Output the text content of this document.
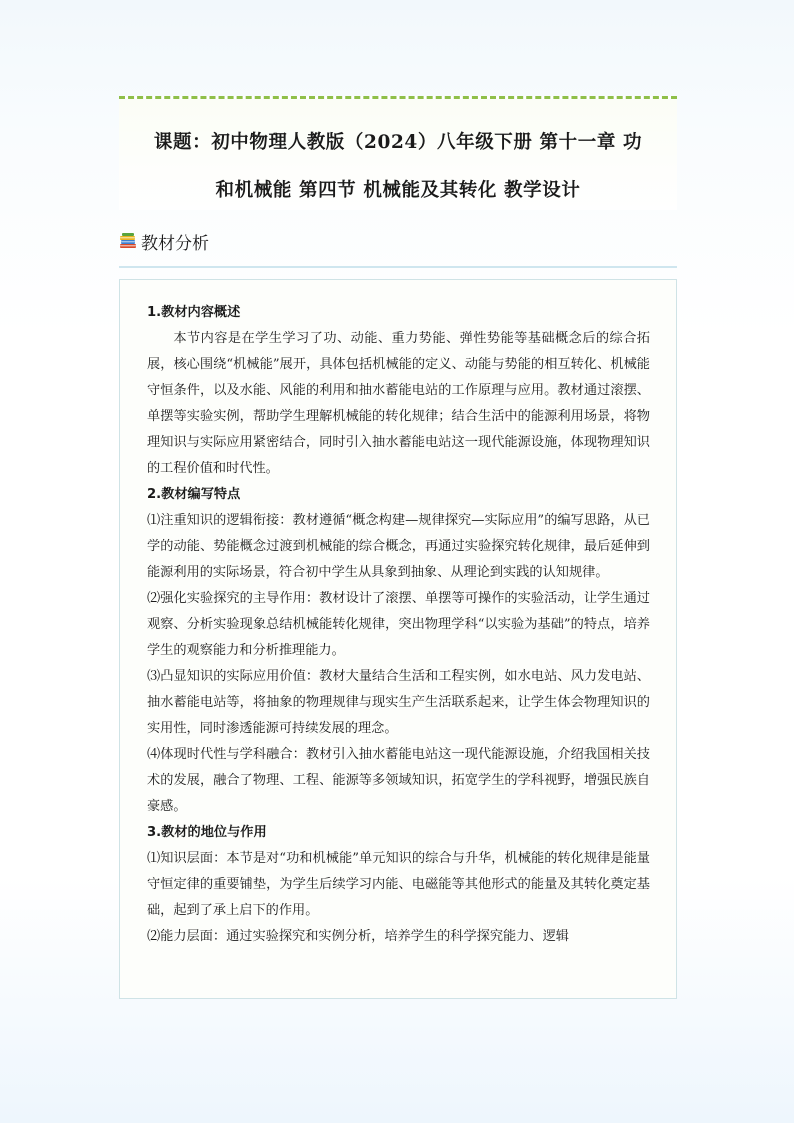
课题：初中物理人教版（2024）八年级下册 第十一章 功

和机械能 第四节 机械能及其转化 教学设计

教材分析

1.教材内容概述

本节内容是在学生学习了功、动能、重力势能、弹性势能等基础概念后的综合拓展，核心围绕“机械能”展开，具体包括机械能的定义、动能与势能的相互转化、机械能守恒条件，以及水能、风能的利用和抽水蓄能电站的工作原理与应用。教材通过滚摆、单摆等实验实例，帮助学生理解机械能的转化规律；结合生活中的能源利用场景，将物理知识与实际应用紧密结合，同时引入抽水蓄能电站这一现代能源设施，体现物理知识的工程价值和时代性。

2.教材编写特点

⑴注重知识的逻辑衔接：教材遵循“概念构建—规律探究—实际应用”的编写思路，从已学的动能、势能概念过渡到机械能的综合概念，再通过实验探究转化规律，最后延伸到能源利用的实际场景，符合初中学生从具象到抽象、从理论到实践的认知规律。

⑵强化实验探究的主导作用：教材设计了滚摆、单摆等可操作的实验活动，让学生通过观察、分析实验现象总结机械能转化规律，突出物理学科“以实验为基础”的特点，培养学生的观察能力和分析推理能力。

⑶凸显知识的实际应用价值：教材大量结合生活和工程实例，如水电站、风力发电站、抽水蓄能电站等，将抽象的物理规律与现实生产生活联系起来，让学生体会物理知识的实用性，同时渗透能源可持续发展的理念。

⑷体现时代性与学科融合：教材引入抽水蓄能电站这一现代能源设施，介绍我国相关技术的发展，融合了物理、工程、能源等多领域知识，拓宽学生的学科视野，增强民族自豪感。

3.教材的地位与作用

⑴知识层面：本节是对“功和机械能”单元知识的综合与升华，机械能的转化规律是能量守恒定律的重要铺垫，为学生后续学习内能、电磁能等其他形式的能量及其转化奠定基础，起到了承上启下的作用。

⑵能力层面：通过实验探究和实例分析，培养学生的科学探究能力、逻辑
